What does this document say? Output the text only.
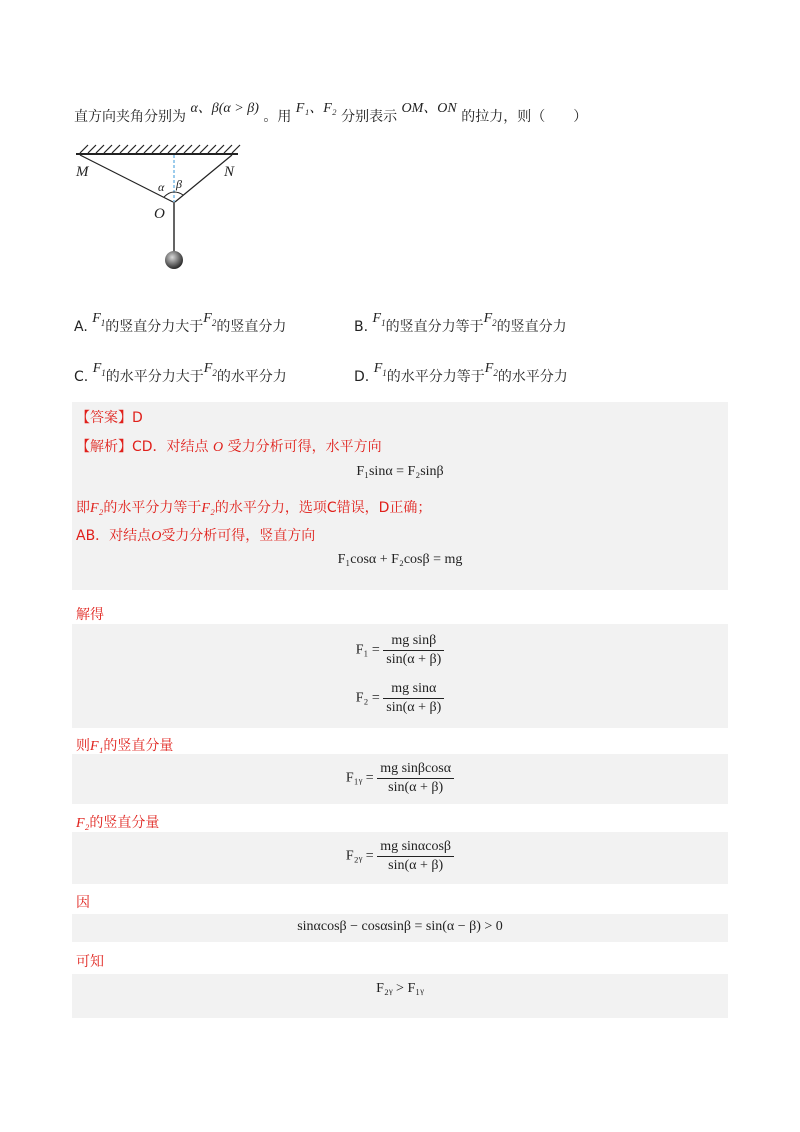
直方向夹角分别为 α、β(α > β) 。用 F₁、F₂ 分别表示 OM、ON 的拉力，则（　　）
M	N
O
α β
A. $F_1$的竖直分力大于$F_2$的竖直分力	B. $F_1$的竖直分力等于$F_2$的竖直分力
C. $F_1$的水平分力大于$F_2$的水平分力	D. $F_1$的水平分力等于$F_2$的水平分力
【答案】D
【解析】CD．对结点 O 受力分析可得，水平方向
F₁sinα = F₂sinβ
即F₂的水平分力等于F₂的水平分力，选项C错误，D正确；
AB．对结点O受力分析可得，竖直方向
F₁cosα + F₂cosβ = mg
解得
$F_1 = \frac{\text{mg sinβ}}{\sin(\alpha + \beta)}$
$F_2 = \frac{\text{mg sinα}}{\sin(\alpha + \beta)}$
则F₁的竖直分量
F₁ᵧ = $\frac{\text{mg sinβcosα}}{\sin(\alpha + \beta)}$
F₂的竖直分量
F₂ᵧ = $\frac{\text{mg sinαcosβ}}{\sin(\alpha + \beta)}$
因
sinαcosβ − cosαsinβ = sin(α − β) > 0
可知
F₂ᵧ > F₁ᵧ
